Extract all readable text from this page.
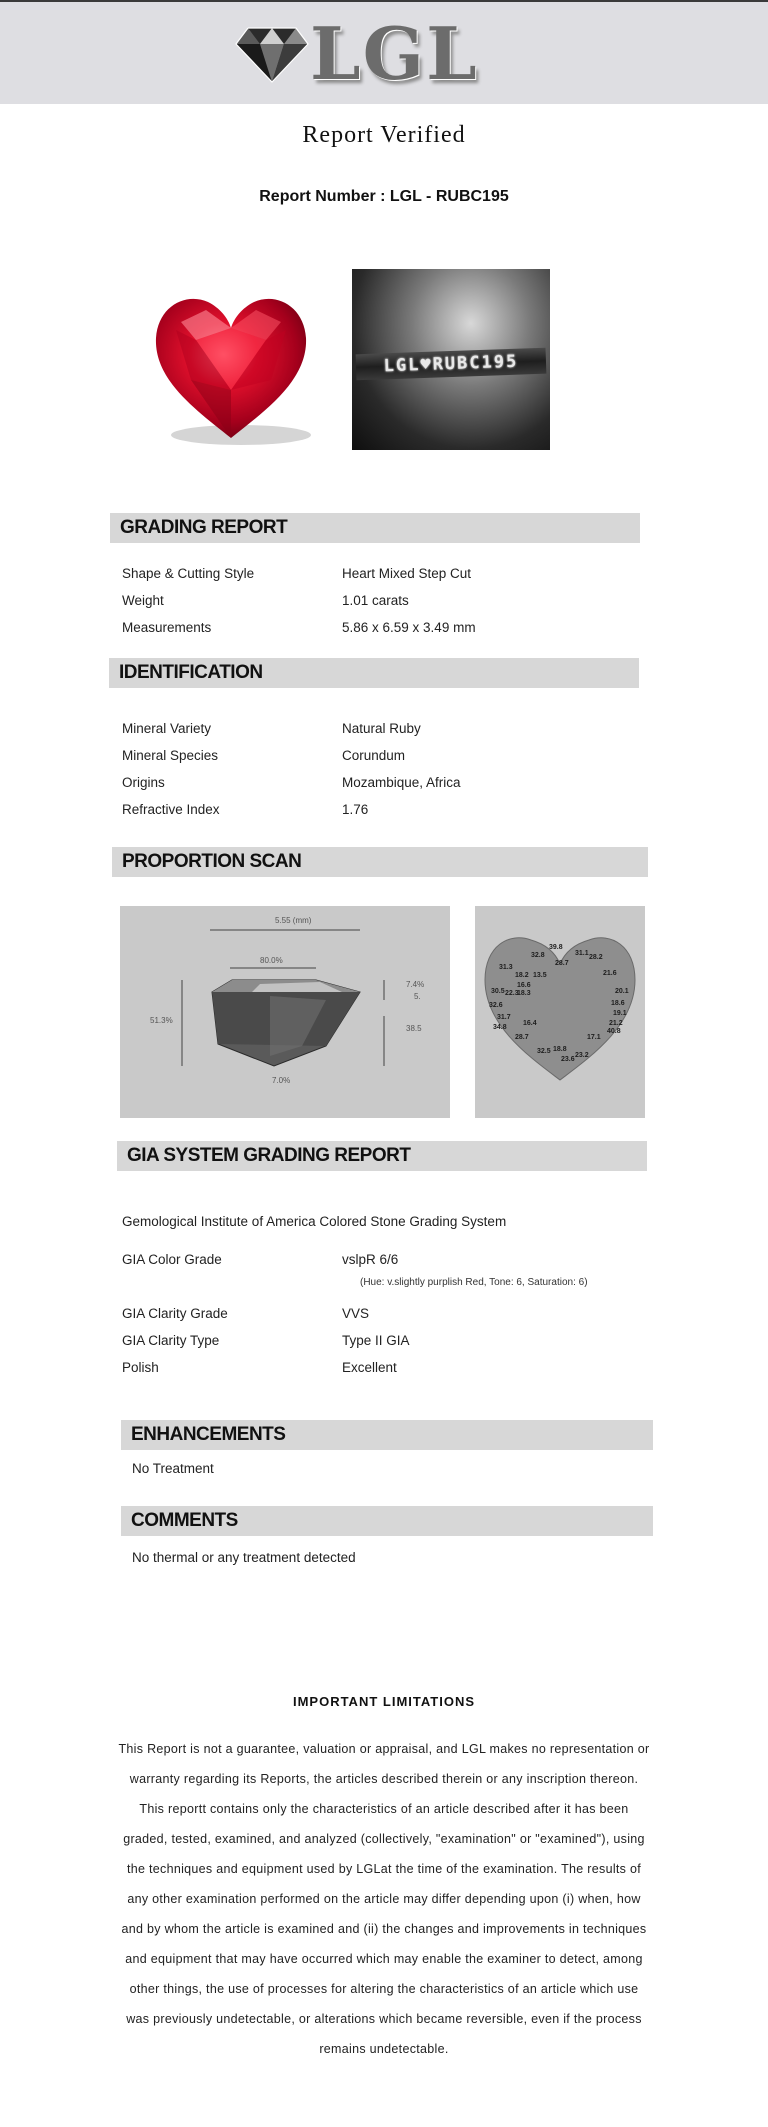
LGL
Report Verified
Report Number : LGL - RUBC195
LGL♥RUBC195
GRADING REPORT
Shape & Cutting Style	Heart Mixed Step Cut
Weight	1.01 carats
Measurements	5.86 x 6.59 x 3.49 mm
IDENTIFICATION
Mineral Variety	Natural Ruby
Mineral Species	Corundum
Origins	Mozambique, Africa
Refractive Index	1.76
PROPORTION SCAN
5.55 (mm)
80.0%
51.3%
7.4%
5.
38.5
7.0%
39.8
32.8	31.1
28.2
28.7
31.3
18.2 13.5	21.6
16.6
30.5 22.3
18.3	20.1
18.6
32.6
19.1
31.7
16.4	21.2
34.8
40.8
28.7	17.1
18.8
23.2
32.5
23.6
GIA SYSTEM GRADING REPORT
Gemological Institute of America Colored Stone Grading System
GIA Color Grade	vslpR 6/6
(Hue: v.slightly purplish Red, Tone: 6, Saturation: 6)
GIA Clarity Grade	VVS
GIA Clarity Type	Type II GIA
Polish	Excellent
ENHANCEMENTS
No Treatment
COMMENTS
No thermal or any treatment detected
IMPORTANT LIMITATIONS
This Report is not a guarantee, valuation or appraisal, and LGL makes no representation or warranty regarding its Reports, the articles described therein or any inscription thereon. This reportt contains only the characteristics of an article described after it has been graded, tested, examined, and analyzed (collectively, "examination" or "examined"), using the techniques and equipment used by LGLat the time of the examination. The results of any other examination performed on the article may differ depending upon (i) when, how and by whom the article is examined and (ii) the changes and improvements in techniques and equipment that may have occurred which may enable the examiner to detect, among other things, the use of processes for altering the characteristics of an article which use was previously undetectable, or alterations which became reversible, even if the process remains undetectable.
